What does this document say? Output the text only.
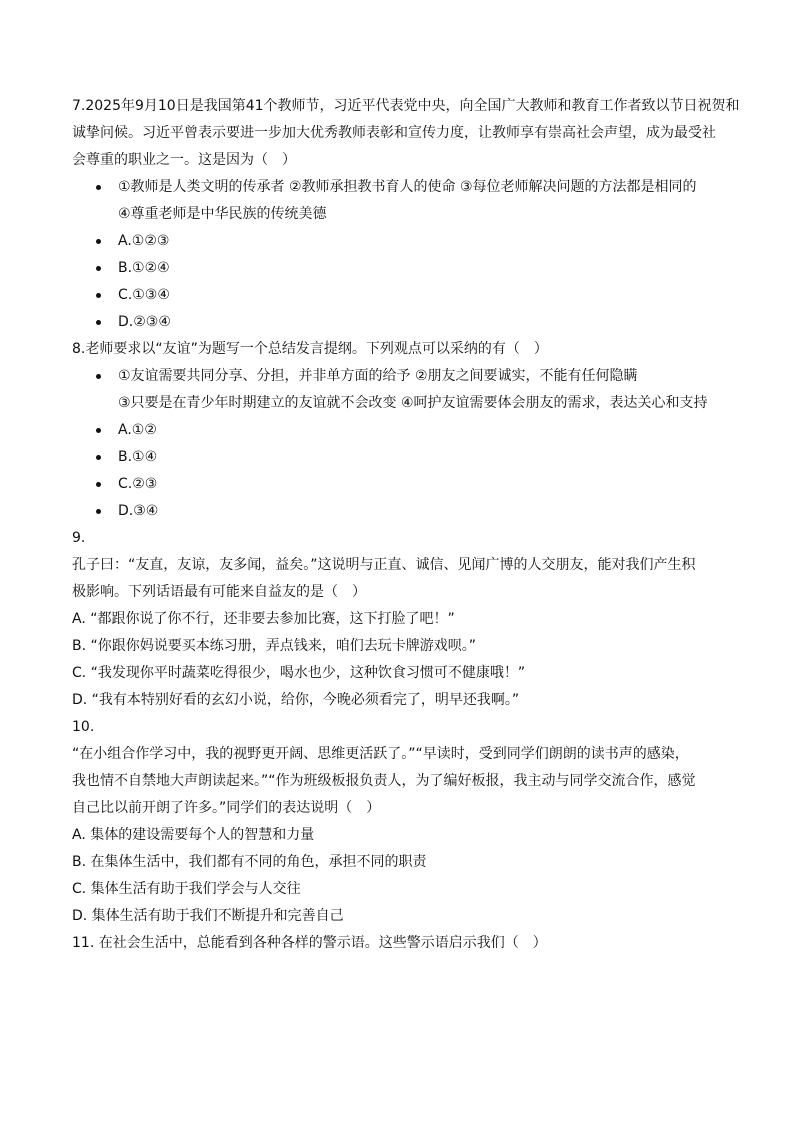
7.2025年9月10日是我国第41个教师节，习近平代表党中央，向全国广大教师和教育工作者致以节日祝贺和
诚挚问候。习近平曾表示要进一步加大优秀教师表彰和宣传力度，让教师享有崇高社会声望，成为最受社
会尊重的职业之一。这是因为（　）
①教师是人类文明的传承者 ②教师承担教书育人的使命 ③每位老师解决问题的方法都是相同的
④尊重老师是中华民族的传统美德
A.①②③
B.①②④
C.①③④
D.②③④
8.老师要求以“友谊”为题写一个总结发言提纲。下列观点可以采纳的有（　）
①友谊需要共同分享、分担，并非单方面的给予 ②朋友之间要诚实，不能有任何隐瞒
③只要是在青少年时期建立的友谊就不会改变 ④呵护友谊需要体会朋友的需求，表达关心和支持
A.①②
B.①④
C.②③
D.③④
9.
孔子曰：“友直，友谅，友多闻，益矣。”这说明与正直、诚信、见闻广博的人交朋友，能对我们产生积
极影响。下列话语最有可能来自益友的是（　）
A. “都跟你说了你不行，还非要去参加比赛，这下打脸了吧！”
B. “你跟你妈说要买本练习册，弄点钱来，咱们去玩卡牌游戏呗。”
C. “我发现你平时蔬菜吃得很少，喝水也少，这种饮食习惯可不健康哦！”
D. “我有本特别好看的玄幻小说，给你，今晚必须看完了，明早还我啊。”
10.
“在小组合作学习中，我的视野更开阔、思维更活跃了。”“早读时，受到同学们朗朗的读书声的感染，
我也情不自禁地大声朗读起来。”“作为班级板报负责人，为了编好板报，我主动与同学交流合作，感觉
自己比以前开朗了许多。”同学们的表达说明（　）
A. 集体的建设需要每个人的智慧和力量
B. 在集体生活中，我们都有不同的角色，承担不同的职责
C. 集体生活有助于我们学会与人交往
D. 集体生活有助于我们不断提升和完善自己
11. 在社会生活中，总能看到各种各样的警示语。这些警示语启示我们（　）
